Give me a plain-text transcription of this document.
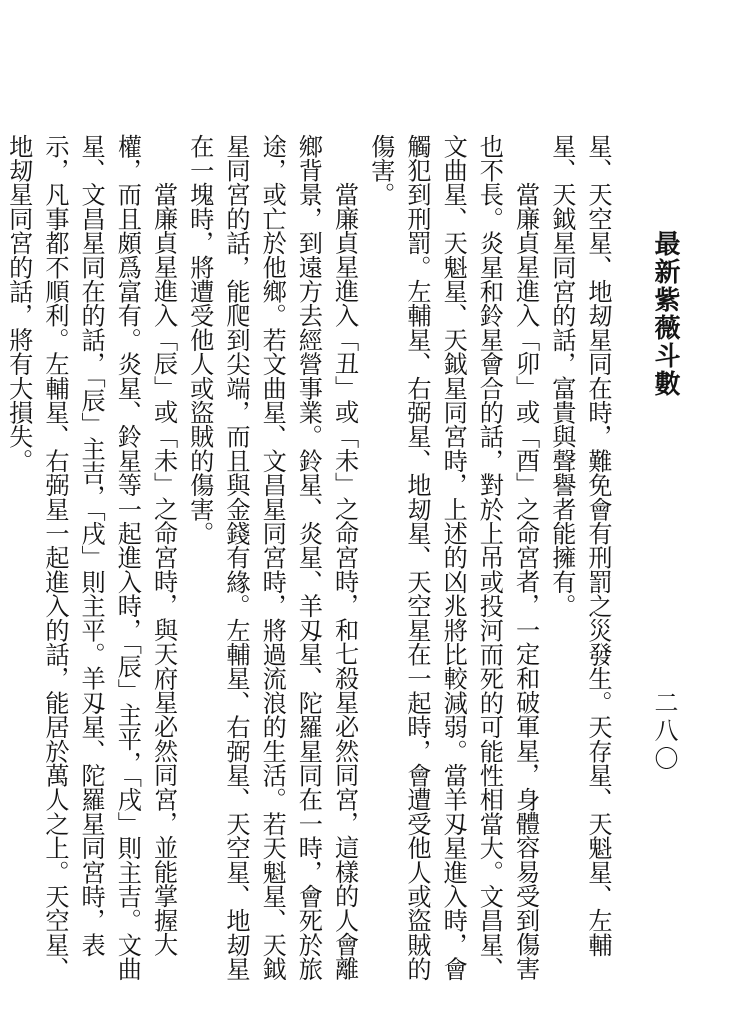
最新紫薇斗數
二八〇

星、天空星、地刼星同在時，難免會有刑罰之災發生。天存星、天魁星、左輔星、天鉞星同宮的話，富貴與聲譽者能擁有。

當廉貞星進入「卯」或「酉」之命宮者，一定和破軍星，身體容易受到傷害也不長。炎星和鈴星會合的話，對於上吊或投河而死的可能性相當大。文昌星、文曲星、天魁星、天鉞星同宮時，上述的凶兆將比較減弱。當羊刄星進入時，會觸犯到刑罰。左輔星、右弼星、地刼星、天空星在一起時，會遭受他人或盜賊的傷害。

當廉貞星進入「丑」或「未」之命宮時，和七殺星必然同宮，這樣的人會離鄉背景，到遠方去經營事業。鈴星、炎星、羊刄星、陀羅星同在一時，會死於旅途，或亡於他鄉。若文曲星、文昌星同宮時，將過流浪的生活。若天魁星、天鉞星同宮的話，能爬到尖端，而且與金錢有緣。左輔星、右弼星、天空星、地刼星在一塊時，將遭受他人或盜賊的傷害。

當廉貞星進入「辰」或「未」之命宮時，與天府星必然同宮，並能掌握大權，而且頗爲富有。炎星、鈴星等一起進入時，「辰」主平，「戌」則主吉。文曲星、文昌星同在的話，「辰」主吉，「戌」則主平。羊刄星、陀羅星同宮時，表示，凡事都不順利。左輔星、右弼星一起進入的話，能居於萬人之上。天空星、地刼星同宮的話，將有大損失。
